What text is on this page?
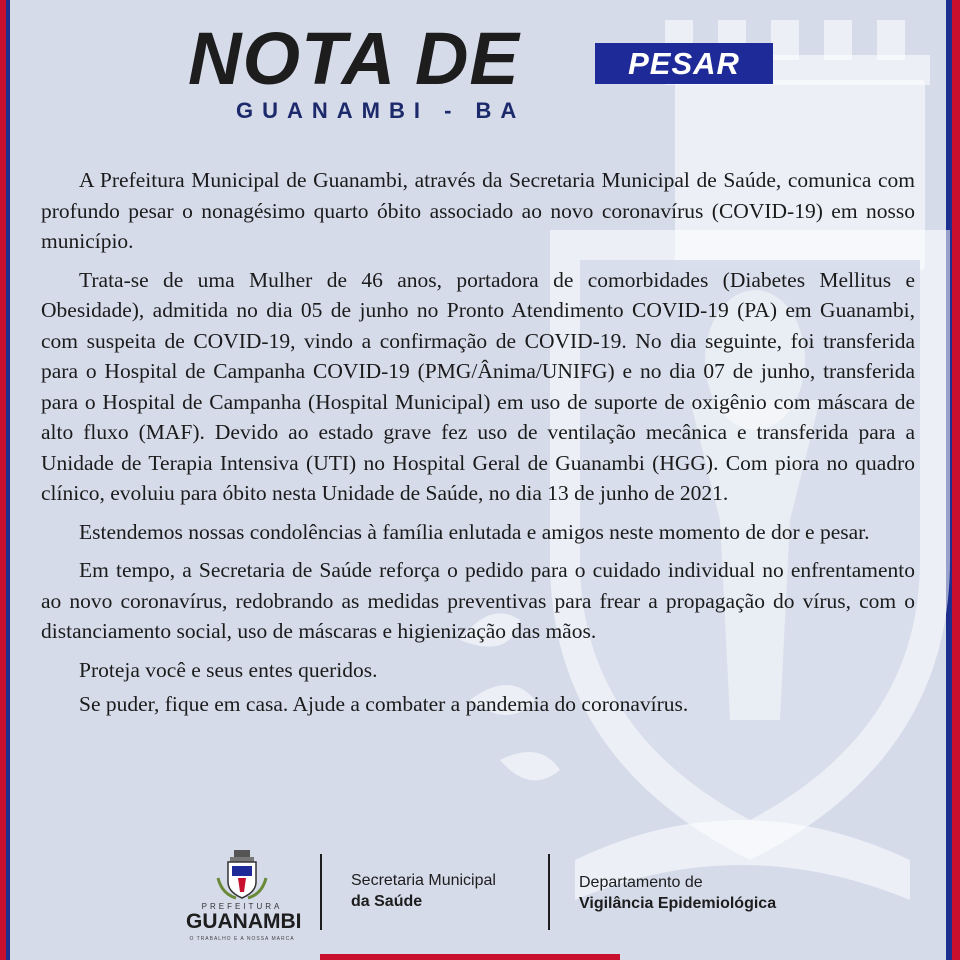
NOTA DE	PESAR
GUANAMBI - BA

A Prefeitura Municipal de Guanambi, através da Secretaria Municipal de Saúde, comunica com profundo pesar o nonagésimo quarto óbito associado ao novo coronavírus (COVID-19) em nosso município.

Trata-se de uma Mulher de 46 anos, portadora de comorbidades (Diabetes Mellitus e Obesidade), admitida no dia 05 de junho no Pronto Atendimento COVID-19 (PA) em Guanambi, com suspeita de COVID-19, vindo a confirmação de COVID-19. No dia seguinte, foi transferida para o Hospital de Campanha COVID-19 (PMG/Ânima/UNIFG) e no dia 07 de junho, transferida para o Hospital de Campanha (Hospital Municipal) em uso de suporte de oxigênio com máscara de alto fluxo (MAF). Devido ao estado grave fez uso de ventilação mecânica e transferida para a Unidade de Terapia Intensiva (UTI) no Hospital Geral de Guanambi (HGG). Com piora no quadro clínico, evoluiu para óbito nesta Unidade de Saúde, no dia 13 de junho de 2021.

Estendemos nossas condolências à família enlutada e amigos neste momento de dor e pesar.

Em tempo, a Secretaria de Saúde reforça o pedido para o cuidado individual no enfrentamento ao novo coronavírus, redobrando as medidas preventivas para frear a propagação do vírus, com o distanciamento social, uso de máscaras e higienização das mãos.

Proteja você e seus entes queridos.

Se puder, fique em casa. Ajude a combater a pandemia do coronavírus.

PREFEITURA
GUANAMBI
O TRABALHO E A NOSSA MARCA
Secretaria Municipal
da Saúde
Departamento de
Vigilância Epidemiológica
